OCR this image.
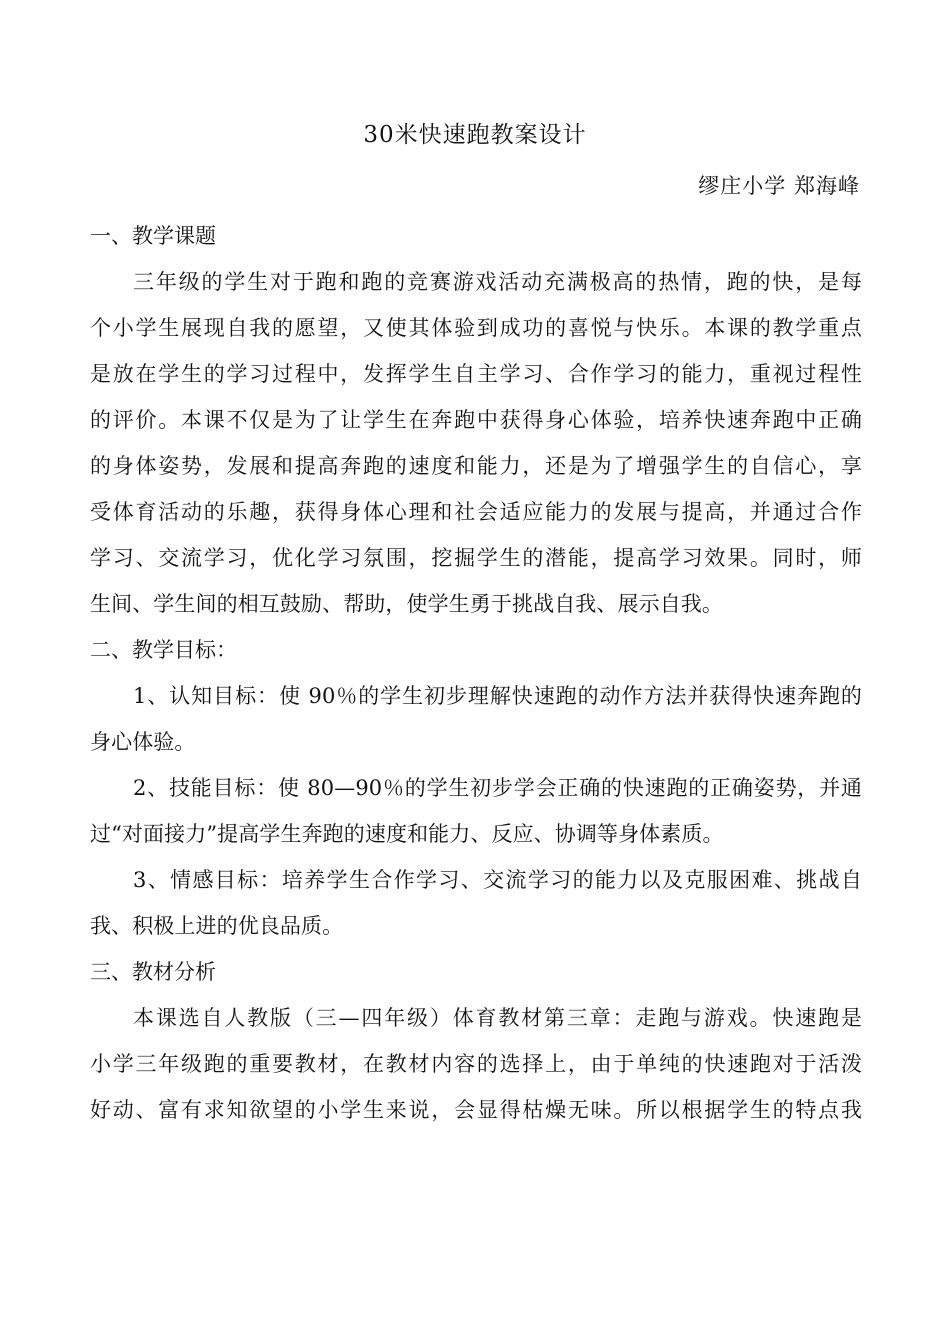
30米快速跑教案设计
缪庄小学 郑海峰
一、教学课题
三年级的学生对于跑和跑的竞赛游戏活动充满极高的热情，跑的快，是每
个小学生展现自我的愿望，又使其体验到成功的喜悦与快乐。本课的教学重点
是放在学生的学习过程中，发挥学生自主学习、合作学习的能力，重视过程性
的评价。本课不仅是为了让学生在奔跑中获得身心体验，培养快速奔跑中正确
的身体姿势，发展和提高奔跑的速度和能力，还是为了增强学生的自信心，享
受体育活动的乐趣，获得身体心理和社会适应能力的发展与提高，并通过合作
学习、交流学习，优化学习氛围，挖掘学生的潜能，提高学习效果。同时，师
生间、学生间的相互鼓励、帮助，使学生勇于挑战自我、展示自我。
二、教学目标：
1、认知目标：使 90％的学生初步理解快速跑的动作方法并获得快速奔跑的
身心体验。
2、技能目标：使 80—90％的学生初步学会正确的快速跑的正确姿势，并通
过“对面接力”提高学生奔跑的速度和能力、反应、协调等身体素质。
3、情感目标：培养学生合作学习、交流学习的能力以及克服困难、挑战自
我、积极上进的优良品质。
三、教材分析
本课选自人教版（三—四年级）体育教材第三章：走跑与游戏。快速跑是
小学三年级跑的重要教材，在教材内容的选择上，由于单纯的快速跑对于活泼
好动、富有求知欲望的小学生来说，会显得枯燥无味。所以根据学生的特点我
